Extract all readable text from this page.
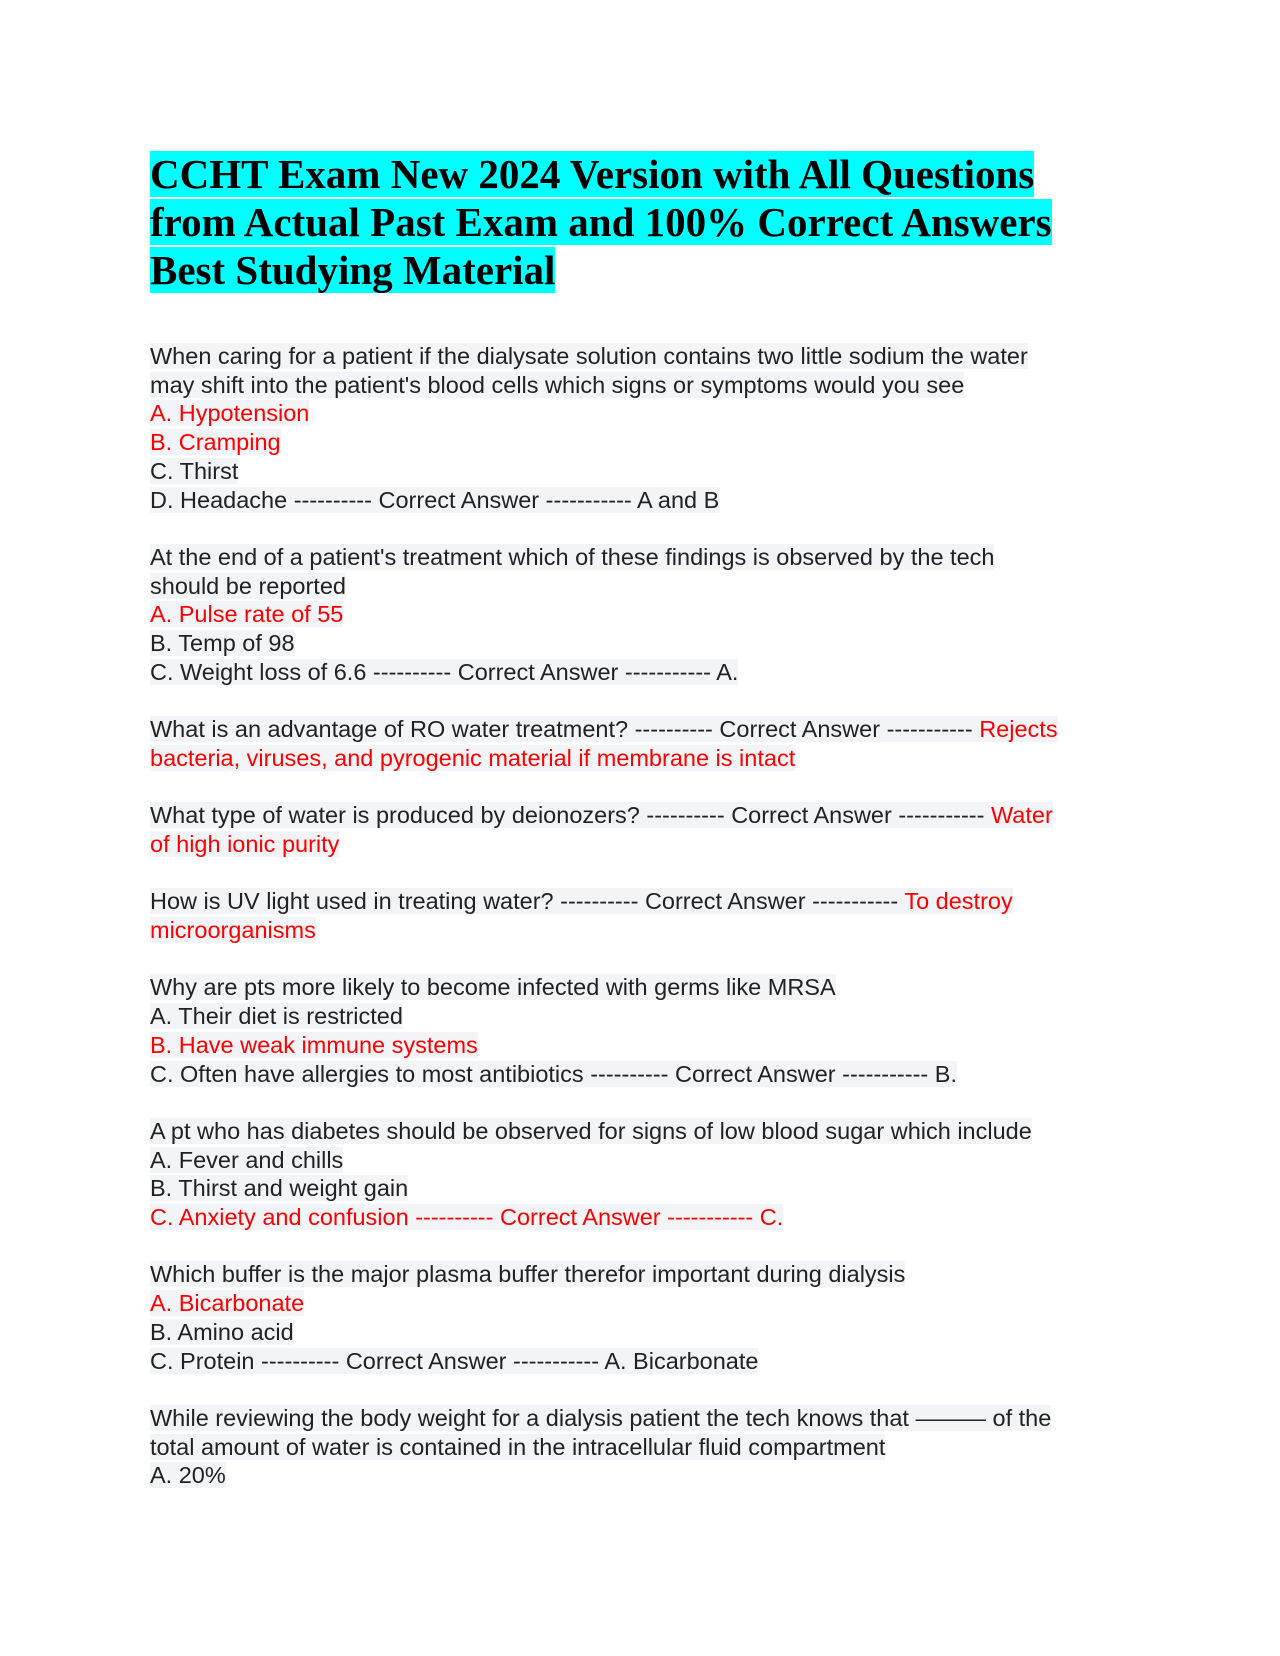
CCHT Exam New 2024 Version with All Questions
from Actual Past Exam and 100% Correct Answers
Best Studying Material
When caring for a patient if the dialysate solution contains two little sodium the water
may shift into the patient's blood cells which signs or symptoms would you see
A. Hypotension
B. Cramping
C. Thirst
D. Headache ---------- Correct Answer ----------- A and B
At the end of a patient's treatment which of these findings is observed by the tech
should be reported
A. Pulse rate of 55
B. Temp of 98
C. Weight loss of 6.6 ---------- Correct Answer ----------- A.
What is an advantage of RO water treatment? ---------- Correct Answer ----------- Rejects
bacteria, viruses, and pyrogenic material if membrane is intact
What type of water is produced by deionozers? ---------- Correct Answer ----------- Water
of high ionic purity
How is UV light used in treating water? ---------- Correct Answer ----------- To destroy
microorganisms
Why are pts more likely to become infected with germs like MRSA
A. Their diet is restricted
B. Have weak immune systems
C. Often have allergies to most antibiotics ---------- Correct Answer ----------- B.
A pt who has diabetes should be observed for signs of low blood sugar which include
A. Fever and chills
B. Thirst and weight gain
C. Anxiety and confusion ---------- Correct Answer ----------- C.
Which buffer is the major plasma buffer therefor important during dialysis
A. Bicarbonate
B. Amino acid
C. Protein ---------- Correct Answer ----------- A. Bicarbonate
While reviewing the body weight for a dialysis patient the tech knows that ——— of the
total amount of water is contained in the intracellular fluid compartment
A. 20%
